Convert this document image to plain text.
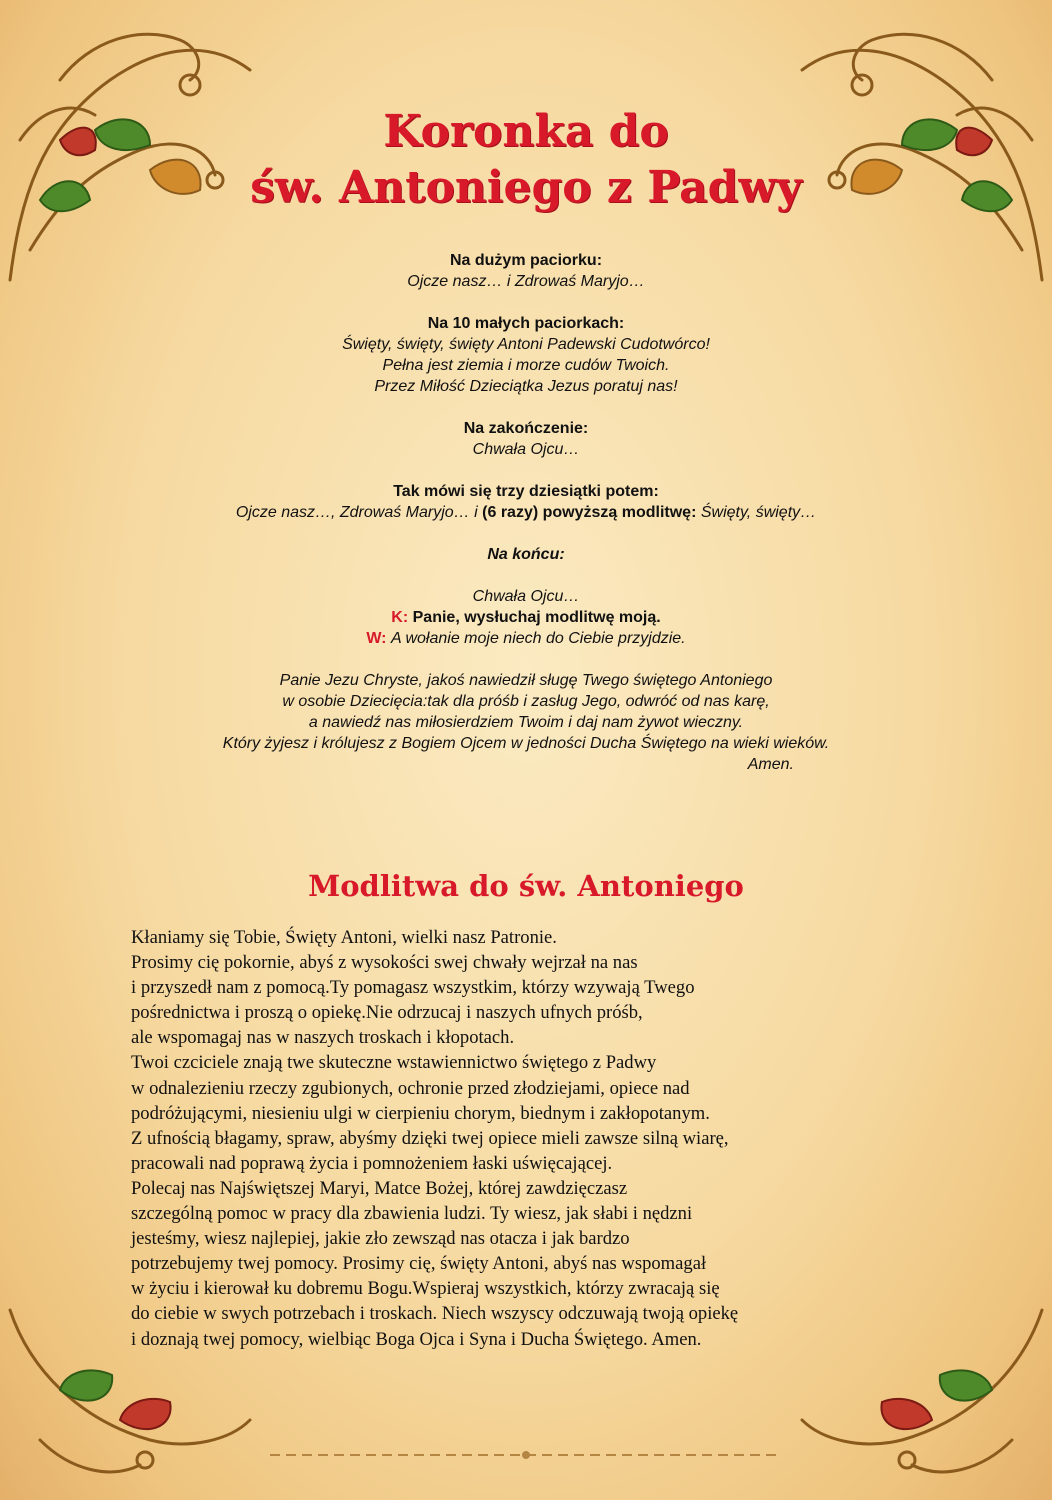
Koronka do
św. Antoniego z Padwy
Na dużym paciorku:
Ojcze nasz… i Zdrowaś Maryjo…
Na 10 małych paciorkach:
Święty, święty, święty Antoni Padewski Cudotwórco!
Pełna jest ziemia i morze cudów Twoich.
Przez Miłość Dzieciątka Jezus poratuj nas!
Na zakończenie:
Chwała Ojcu…
Tak mówi się trzy dziesiątki potem:
Ojcze nasz…, Zdrowaś Maryjo… i (6 razy) powyższą modlitwę: Święty, święty…
Na końcu:
Chwała Ojcu…
K: Panie, wysłuchaj modlitwę moją.
W: A wołanie moje niech do Ciebie przyjdzie.
Panie Jezu Chryste, jakoś nawiedził sługę Twego świętego Antoniego
w osobie Dziecięcia:tak dla próśb i zasług Jego, odwróć od nas karę,
a nawiedź nas miłosierdziem Twoim i daj nam żywot wieczny.
Który żyjesz i królujesz z Bogiem Ojcem w jedności Ducha Świętego na wieki wieków.
Amen.
Modlitwa do św. Antoniego
Kłaniamy się Tobie, Święty Antoni, wielki nasz Patronie.
Prosimy cię pokornie, abyś z wysokości swej chwały wejrzał na nas
i przyszedł nam z pomocą.Ty pomagasz wszystkim, którzy wzywają Twego
pośrednictwa i proszą o opiekę.Nie odrzucaj i naszych ufnych próśb,
ale wspomagaj nas w naszych troskach i kłopotach.
Twoi czciciele znają twe skuteczne wstawiennictwo świętego z Padwy
w odnalezieniu rzeczy zgubionych, ochronie przed złodziejami, opiece nad
podróżującymi, niesieniu ulgi w cierpieniu chorym, biednym i zakłopotanym.
Z ufnością błagamy, spraw, abyśmy dzięki twej opiece mieli zawsze silną wiarę,
pracowali nad poprawą życia i pomnożeniem łaski uświęcającej.
Polecaj nas Najświętszej Maryi, Matce Bożej, której zawdzięczasz
szczególną pomoc w pracy dla zbawienia ludzi. Ty wiesz, jak słabi i nędzni
jesteśmy, wiesz najlepiej, jakie zło zewsząd nas otacza i jak bardzo
potrzebujemy twej pomocy. Prosimy cię, święty Antoni, abyś nas wspomagał
w życiu i kierował ku dobremu Bogu.Wspieraj wszystkich, którzy zwracają się
do ciebie w swych potrzebach i troskach. Niech wszyscy odczuwają twoją opiekę
i doznają twej pomocy, wielbiąc Boga Ojca i Syna i Ducha Świętego. Amen.
